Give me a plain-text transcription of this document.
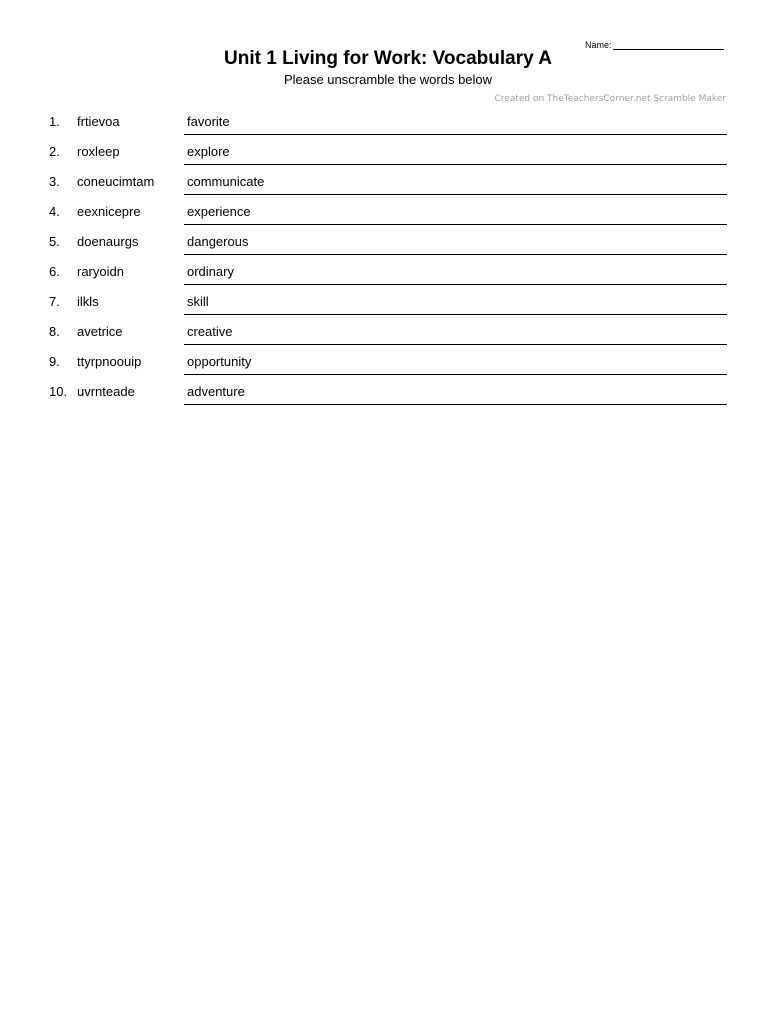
Name:
Unit 1 Living for Work: Vocabulary A
Please unscramble the words below
Created on TheTeachersCorner.net Scramble Maker
1. frtievoa	favorite
2. roxleep	explore
3. coneucimtam	communicate
4. eexnicepre	experience
5. doenaurgs	dangerous
6. raryoidn	ordinary
7. ilkls	skill
8. avetrice	creative
9. ttyrpnoouip	opportunity
10. uvrnteade	adventure
